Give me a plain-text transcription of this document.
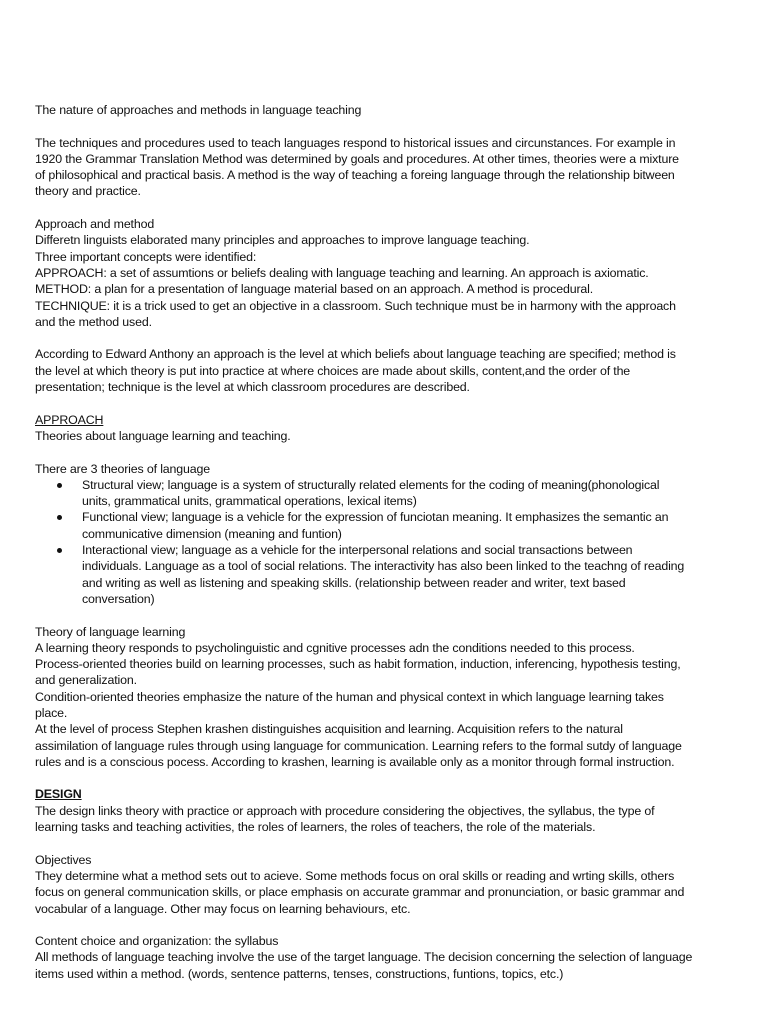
The nature of approaches and methods in language teaching
The techniques and procedures used to teach languages respond to historical issues and circunstances. For example in
1920 the Grammar Translation Method was determined by goals and procedures. At other times, theories were a mixture
of philosophical and practical basis. A method is the way of teaching a foreing language through the relationship bitween
theory and practice.
Approach and method
Differetn linguists elaborated many principles and approaches to improve language teaching.
Three important concepts were identified:
APPROACH: a set of assumtions or beliefs dealing with language teaching and learning. An approach is axiomatic.
METHOD: a plan for a presentation of language material based on an approach. A method is procedural.
TECHNIQUE: it is a trick used to get an objective in a classroom. Such technique must be in harmony with the approach
and the method used.
According to Edward Anthony an approach is the level at which beliefs about language teaching are specified; method is
the level at which theory is put into practice at where choices are made about skills, content,and the order of the
presentation; technique is the level at which classroom procedures are described.
APPROACH
Theories about language learning and teaching.
There are 3 theories of language
Structural view; language is a system of structurally related elements for the coding of meaning(phonological
units, grammatical units, grammatical operations, lexical items)
Functional view; language is a vehicle for the expression of funciotan meaning. It emphasizes the semantic an
communicative dimension (meaning and funtion)
Interactional view; language as a vehicle for the interpersonal relations and social transactions between
individuals. Language as a tool of social relations. The interactivity has also been linked to the teachng of reading
and writing as well as listening and speaking skills. (relationship between reader and writer, text based
conversation)
Theory of language learning
A learning theory responds to psycholinguistic and cgnitive processes adn the conditions needed to this process.
Process-oriented theories build on learning processes, such as habit formation, induction, inferencing, hypothesis testing,
and generalization.
Condition-oriented theories emphasize the nature of the human and physical context in which language learning takes
place.
At the level of process Stephen krashen distinguishes acquisition and learning. Acquisition refers to the natural
assimilation of language rules through using language for communication. Learning refers to the formal sutdy of language
rules and is a conscious pocess. According to krashen, learning is available only as a monitor through formal instruction.
DESIGN
The design links theory with practice or approach with procedure considering the objectives, the syllabus, the type of
learning tasks and teaching activities, the roles of learners, the roles of teachers, the role of the materials.
Objectives
They determine what a method sets out to acieve. Some methods focus on oral skills or reading and wrting skills, others
focus on general communication skills, or place emphasis on accurate grammar and pronunciation, or basic grammar and
vocabular of a language. Other may focus on learning behaviours, etc.
Content choice and organization: the syllabus
All methods of language teaching involve the use of the target language. The decision concerning the selection of language
items used within a method. (words, sentence patterns, tenses, constructions, funtions, topics, etc.)
